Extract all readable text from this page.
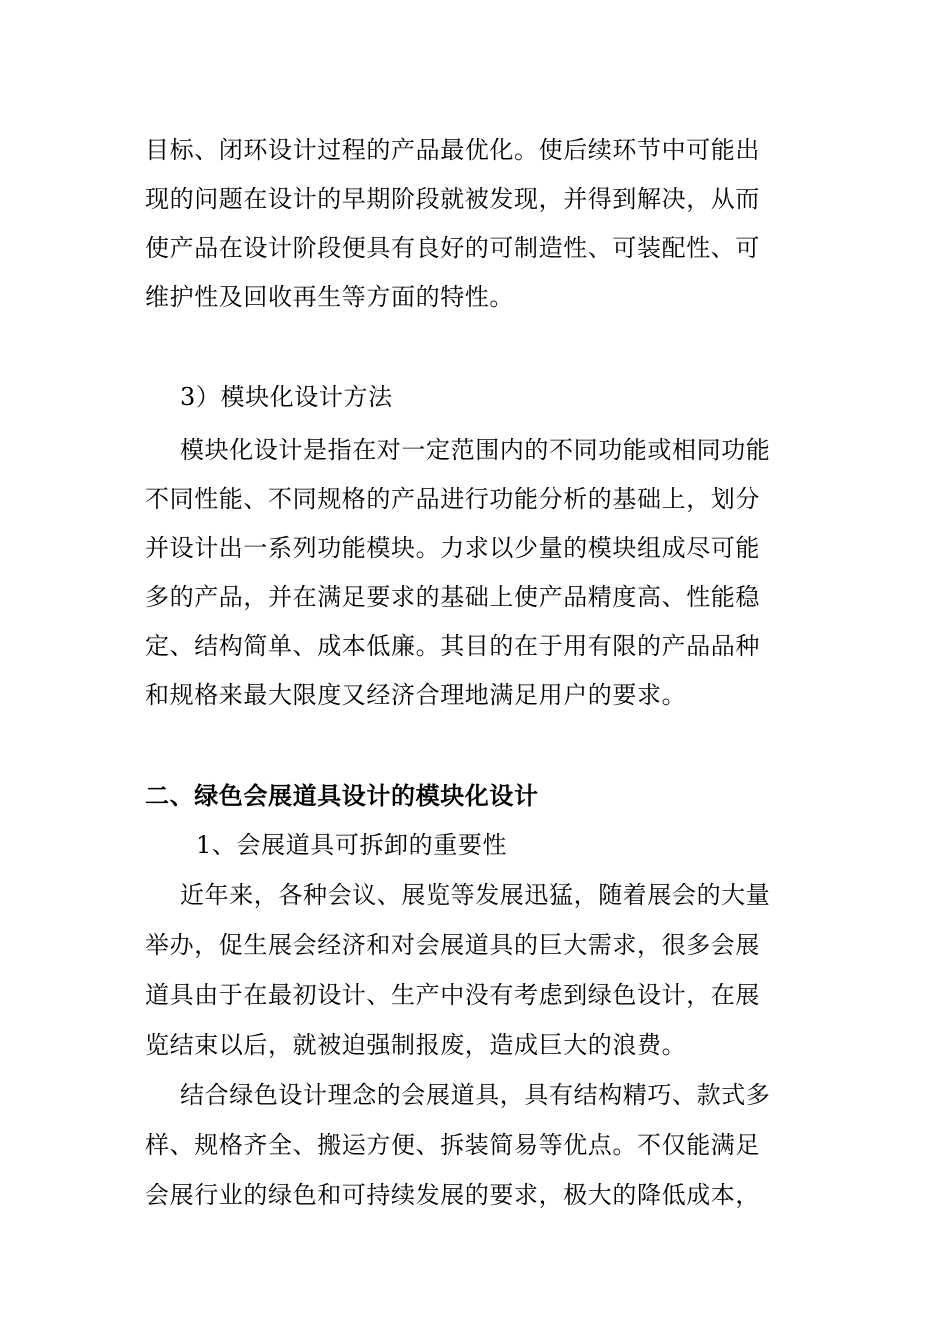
目标、闭环设计过程的产品最优化。使后续环节中可能出
现的问题在设计的早期阶段就被发现，并得到解决，从而
使产品在设计阶段便具有良好的可制造性、可装配性、可
维护性及回收再生等方面的特性。
3）模块化设计方法
模块化设计是指在对一定范围内的不同功能或相同功能
不同性能、不同规格的产品进行功能分析的基础上，划分
并设计出一系列功能模块。力求以少量的模块组成尽可能
多的产品，并在满足要求的基础上使产品精度高、性能稳
定、结构简单、成本低廉。其目的在于用有限的产品品种
和规格来最大限度又经济合理地满足用户的要求。
二、绿色会展道具设计的模块化设计
1、会展道具可拆卸的重要性
近年来，各种会议、展览等发展迅猛，随着展会的大量
举办，促生展会经济和对会展道具的巨大需求，很多会展
道具由于在最初设计、生产中没有考虑到绿色设计，在展
览结束以后，就被迫强制报废，造成巨大的浪费。
结合绿色设计理念的会展道具，具有结构精巧、款式多
样、规格齐全、搬运方便、拆装简易等优点。不仅能满足
会展行业的绿色和可持续发展的要求，极大的降低成本，
